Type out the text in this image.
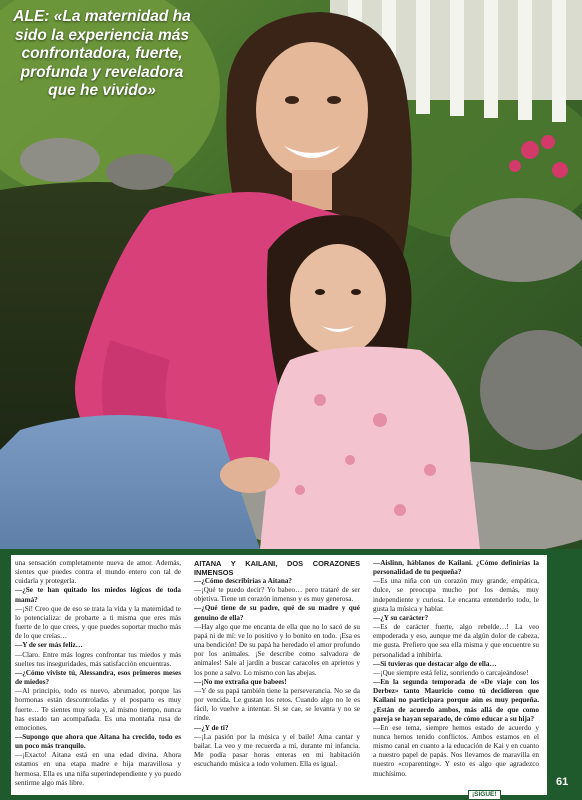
ALE: «La maternidad ha sido la experiencia más confrontadora, fuerte, profunda y reveladora que he vivido»

una sensación completamente nueva de amor. Además, sientes que puedes contra el mundo entero con tal de cuidarla y protegerla.

—¿Se te han quitado los miedos lógicos de toda mamá?

—¡Sí! Creo que de eso se trata la vida y la maternidad te lo potencializa: de probarte a ti misma que eres más fuerte de lo que crees, y que puedes soportar mucho más de lo que creías…

—Y de ser más feliz…

—Claro. Entre más logres confrontar tus miedos y más sueltes tus inseguridades, más satisfacción encuentras.

—¿Cómo viviste tú, Alessandra, esos primeros meses de miedos?

—Al principio, todo es nuevo, abrumador, porque las hormonas están descontroladas y el posparto es muy fuerte… Te sientes muy sola y, al mismo tiempo, nunca has estado tan acompañada. Es una montaña rusa de emociones.

—Supongo que ahora que Aitana ha crecido, todo es un poco más tranquilo.

—¡Exacto! Aitana está en una edad divina. Ahora estamos en una etapa madre e hija maravillosa y hermosa. Ella es una niña superindependiente y yo puedo sentirme algo más libre.

AITANA Y KAILANI, DOS CORAZONES INMENSOS

—¿Cómo describirías a Aitana?

—¡Qué te puedo decir? Yo babeo… pero trataré de ser objetiva. Tiene un corazón inmenso y es muy generosa.

—¿Qué tiene de su padre, qué de su madre y qué genuino de ella?

—Hay algo que me encanta de ella que no lo sacó de su papá ni de mí: ve lo positivo y lo bonito en todo. ¡Esa es una bendición! De su papá ha heredado el amor profundo por los animales. ¡Se describe como salvadora de animales! Sale al jardín a buscar caracoles en aprietos y los pone a salvo. Lo mismo con las abejas.

—¡No me extraña que babees!

—Y de su papá también tiene la perseverancia. No se da por vencida. Le gustan los retos. Cuando algo no le es fácil, lo vuelve a intentar. Si se cae, se levanta y no se rinde.

—¿Y de ti?

—¡La pasión por la música y el baile! Ama cantar y bailar. La veo y me recuerda a mí, durante mi infancia. Me podía pasar horas enteras en mi habitación escuchando música a todo volumen. Ella es igual.

—Aislinn, háblanos de Kailani. ¿Cómo definirías la personalidad de tu pequeña?

—Es una niña con un corazón muy grande, empática, dulce, se preocupa mucho por los demás, muy independiente y curiosa. Le encanta entenderlo todo, le gusta la música y hablar.

—¿Y su carácter?

—Es de carácter fuerte, algo rebelde…! La veo empoderada y eso, aunque me da algún dolor de cabeza, me gusta. Prefiero que sea ella misma y que encuentre su personalidad a inhibirla.

—Si tuvieras que destacar algo de ella…

—¡Que siempre está feliz, sonriendo o carcajeándose!

—En la segunda temporada de «De viaje con los Derbez» tanto Mauricio como tú decidieron que Kailani no participara porque aún es muy pequeña. ¿Están de acuerdo ambos, más allá de que como pareja se hayan separado, de cómo educar a su hija?

—En ese tema, siempre hemos estado de acuerdo y nunca hemos tenido conflictos. Ambos estamos en el mismo canal en cuanto a la educación de Kai y en cuanto a nuestro papel de papás. Nos llevamos de maravilla en nuestro «coparenting». Y esto es algo que agradezco muchísimo.

¡SIGUE!
61
